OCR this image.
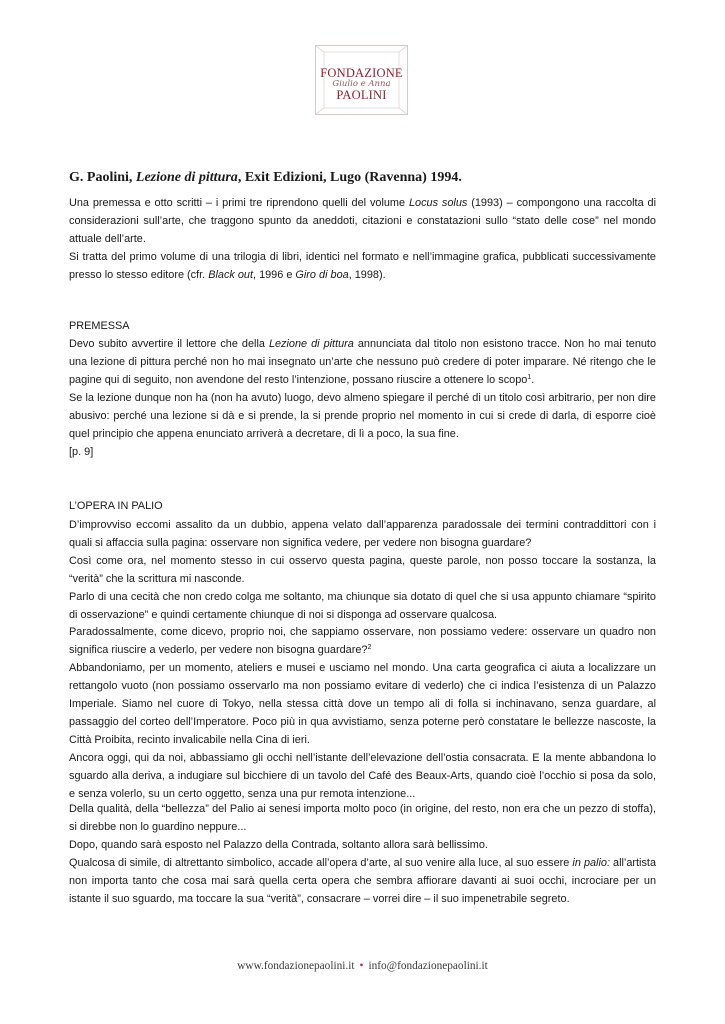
FONDAZIONE
Giulio e Anna
PAOLINI
G. Paolini, Lezione di pittura, Exit Edizioni, Lugo (Ravenna) 1994.

Una premessa e otto scritti – i primi tre riprendono quelli del volume Locus solus (1993) – compongono una raccolta di considerazioni sull’arte, che traggono spunto da aneddoti, citazioni e constatazioni sullo “stato delle cose” nel mondo attuale dell’arte.

Si tratta del primo volume di una trilogia di libri, identici nel formato e nell’immagine grafica, pubblicati successivamente presso lo stesso editore (cfr. Black out, 1996 e Giro di boa, 1998).

PREMESSA

Devo subito avvertire il lettore che della Lezione di pittura annunciata dal titolo non esistono tracce. Non ho mai tenuto una lezione di pittura perché non ho mai insegnato un’arte che nessuno può credere di poter imparare. Né ritengo che le pagine qui di seguito, non avendone del resto l’intenzione, possano riuscire a ottenere lo scopo$^1$.

Se la lezione dunque non ha (non ha avuto) luogo, devo almeno spiegare il perché di un titolo così arbitrario, per non dire abusivo: perché una lezione si dà e si prende, la si prende proprio nel momento in cui si crede di darla, di esporre cioè quel principio che appena enunciato arriverà a decretare, di lì a poco, la sua fine.

[p. 9]
L’OPERA IN PALIO

D’improvviso eccomi assalito da un dubbio, appena velato dall’apparenza paradossale dei termini contraddittori con i quali si affaccia sulla pagina: osservare non significa vedere, per vedere non bisogna guardare?

Così come ora, nel momento stesso in cui osservo questa pagina, queste parole, non posso toccare la sostanza, la “verità” che la scrittura mi nasconde.

Parlo di una cecità che non credo colga me soltanto, ma chiunque sia dotato di quel che si usa appunto chiamare “spirito di osservazione” e quindi certamente chiunque di noi si disponga ad osservare qualcosa.

Paradossalmente, come dicevo, proprio noi, che sappiamo osservare, non possiamo vedere: osservare un quadro non significa riuscire a vederlo, per vedere non bisogna guardare?$^2$

Abbandoniamo, per un momento, ateliers e musei e usciamo nel mondo. Una carta geografica ci aiuta a localizzare un rettangolo vuoto (non possiamo osservarlo ma non possiamo evitare di vederlo) che ci indica l’esistenza di un Palazzo Imperiale. Siamo nel cuore di Tokyo, nella stessa città dove un tempo ali di folla si inchinavano, senza guardare, al passaggio del corteo dell’Imperatore. Poco più in qua avvistiamo, senza poterne però constatare le bellezze nascoste, la Città Proibita, recinto invalicabile nella Cina di ieri.

Ancora oggi, qui da noi, abbassiamo gli occhi nell’istante dell’elevazione dell’ostia consacrata. E la mente abbandona lo sguardo alla deriva, a indugiare sul bicchiere di un tavolo del Café des Beaux-Arts, quando cioè l’occhio si posa da solo, e senza volerlo, su un certo oggetto, senza una pur remota intenzione...

Della qualità, della “bellezza” del Palio ai senesi importa molto poco (in origine, del resto, non era che un pezzo di stoffa), si direbbe non lo guardino neppure...

Dopo, quando sarà esposto nel Palazzo della Contrada, soltanto allora sarà bellissimo.

Qualcosa di simile, di altrettanto simbolico, accade all’opera d’arte, al suo venire alla luce, al suo essere in palio: all’artista non importa tanto che cosa mai sarà quella certa opera che sembra affiorare davanti ai suoi occhi, incrociare per un istante il suo sguardo, ma toccare la sua “verità”, consacrare – vorrei dire – il suo impenetrabile segreto.

www.fondazionepaolini.it • info@fondazionepaolini.it
